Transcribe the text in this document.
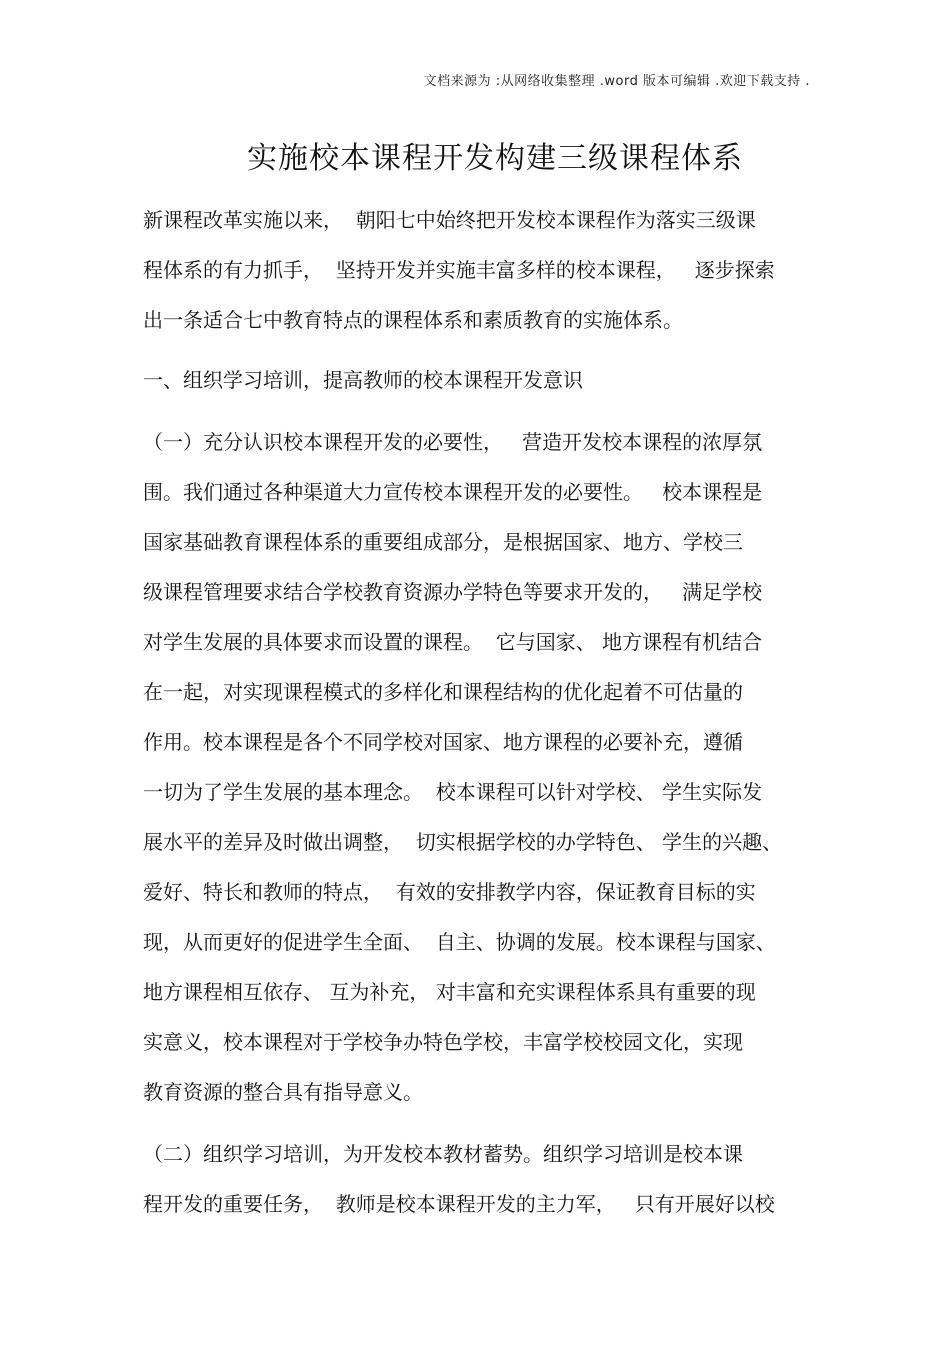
文档来源为 :从网络收集整理 .word 版本可编辑 .欢迎下载支持 .
实施校本课程开发构建三级课程体系
新课程改革实施以来，  朝阳七中始终把开发校本课程作为落实三级课
程体系的有力抓手，  坚持开发并实施丰富多样的校本课程，   逐步探索
出一条适合七中教育特点的课程体系和素质教育的实施体系。
一、组织学习培训，提高教师的校本课程开发意识
（一）充分认识校本课程开发的必要性，   营造开发校本课程的浓厚氛
围。我们通过各种渠道大力宣传校本课程开发的必要性。   校本课程是
国家基础教育课程体系的重要组成部分，是根据国家、地方、学校三
级课程管理要求结合学校教育资源办学特色等要求开发的，   满足学校
对学生发展的具体要求而设置的课程。  它与国家、 地方课程有机结合
在一起，对实现课程模式的多样化和课程结构的优化起着不可估量的
作用。校本课程是各个不同学校对国家、地方课程的必要补充，遵循
一切为了学生发展的基本理念。  校本课程可以针对学校、 学生实际发
展水平的差异及时做出调整，  切实根据学校的办学特色、 学生的兴趣、
爱好、特长和教师的特点，  有效的安排教学内容，保证教育目标的实
现，从而更好的促进学生全面、  自主、协调的发展。校本课程与国家、
地方课程相互依存、 互为补充， 对丰富和充实课程体系具有重要的现
实意义，校本课程对于学校争办特色学校，丰富学校校园文化，实现
教育资源的整合具有指导意义。
（二）组织学习培训，为开发校本教材蓄势。组织学习培训是校本课
程开发的重要任务，  教师是校本课程开发的主力军，   只有开展好以校
